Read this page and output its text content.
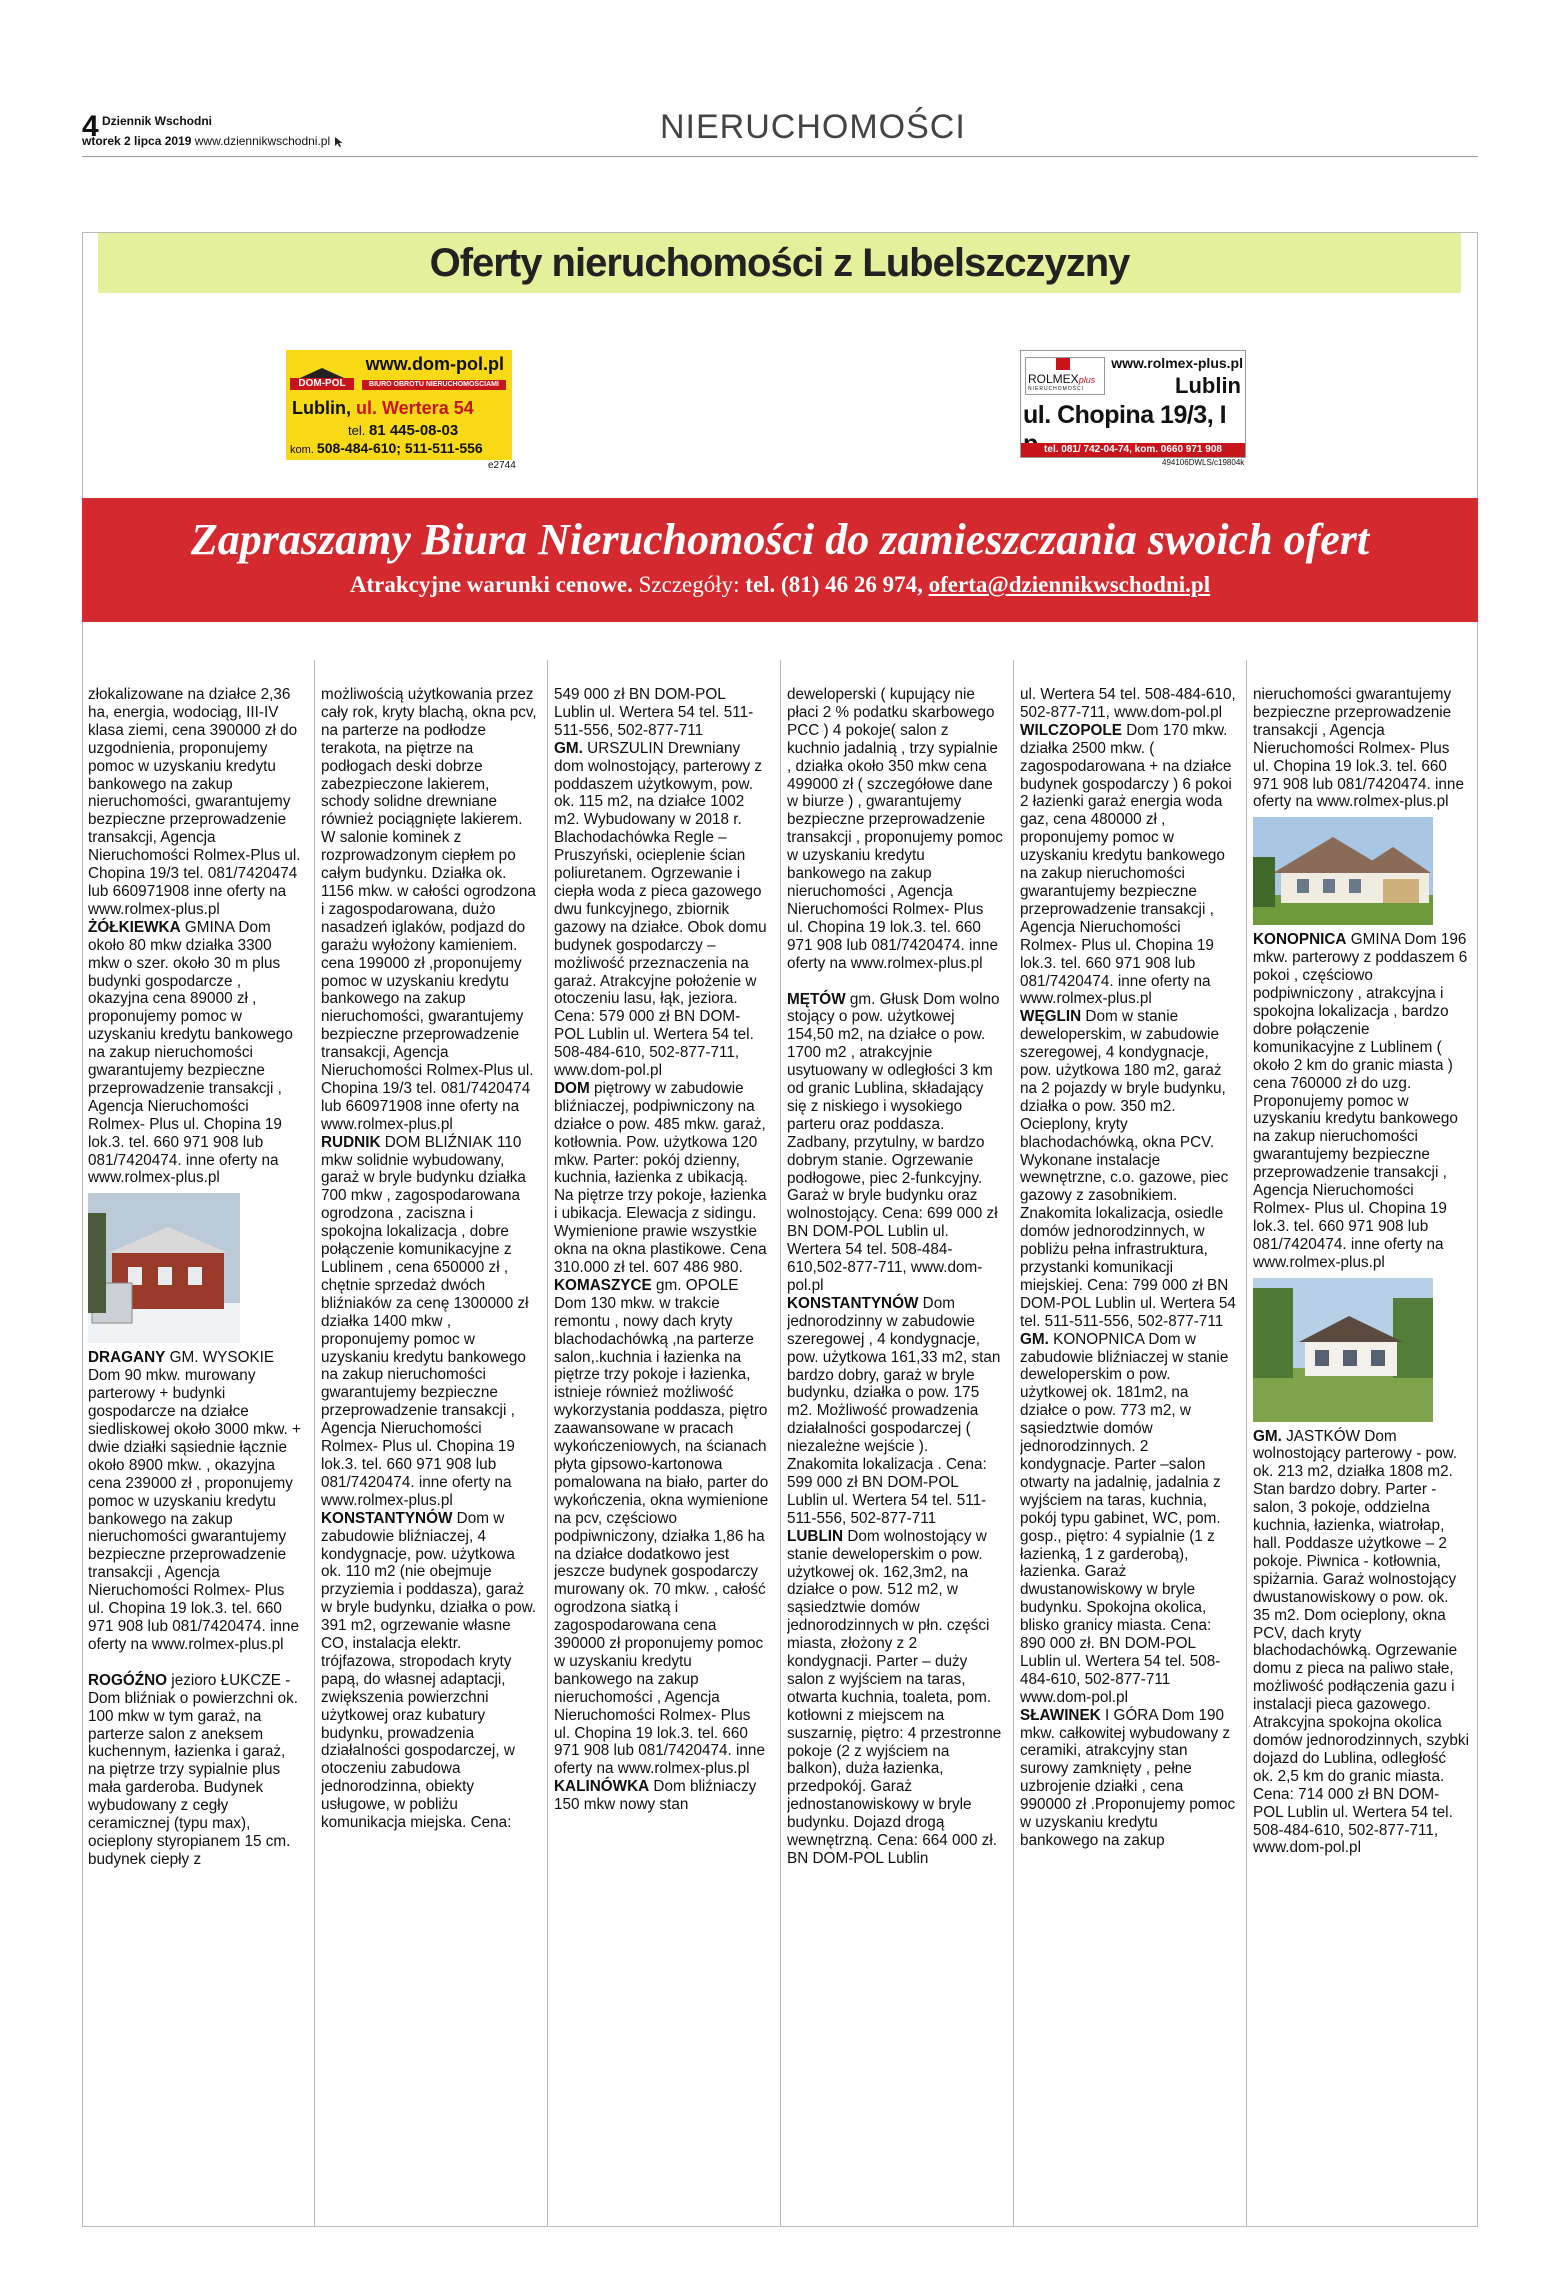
4 Dziennik Wschodni
wtorek 2 lipca 2019 www.dziennikwschodni.pl	NIERUCHOMOŚCI
Oferty nieruchomości z Lubelszczyzny
www.dom-pol.pl
DOM-POL	BIURO OBROTU NIERUCHOMOŚCIAMI
Lublin, ul. Wertera 54
tel. 81 445-08-03
kom. 508-484-610; 511-511-556
e2744
ROLMEXplus
NIERUCHOMOŚCI
www.rolmex-plus.pl
Lublin
ul. Chopina 19/3, I
tel. 081/ 742-04-74, kom. 0660 971 908
494106DWLS/c19804k
Zapraszamy Biura Nieruchomości do zamieszczania swoich ofert
Atrakcyjne warunki cenowe. Szczegóły: tel. (81) 46 26 974, oferta@dziennikwschodni.pl

złokalizowane na działce 2,36 ha, energia, wodociąg, III-IV klasa ziemi, cena 390000 zł do uzgodnienia, proponujemy pomoc w uzyskaniu kredytu bankowego na zakup nieruchomości, gwarantujemy bezpieczne przeprowadzenie transakcji, Agencja Nieruchomości Rolmex-Plus ul. Chopina 19/3 tel. 081/7420474 lub 660971908 inne oferty na www.rolmex-plus.pl

ŻÓŁKIEWKA GMINA Dom około 80 mkw działka 3300 mkw o szer. około 30 m plus budynki gospodarcze , okazyjna cena 89000 zł , proponujemy pomoc w uzyskaniu kredytu bankowego na zakup nieruchomości gwarantujemy bezpieczne przeprowadzenie transakcji , Agencja Nieruchomości Rolmex- Plus ul. Chopina 19 lok.3. tel. 660 971 908 lub 081/7420474. inne oferty na www.rolmex-plus.pl

DRAGANY GM. WYSOKIE Dom 90 mkw. murowany parterowy + budynki gospodarcze na działce siedliskowej około 3000 mkw. + dwie działki sąsiednie łącznie około 8900 mkw. , okazyjna cena 239000 zł , proponujemy pomoc w uzyskaniu kredytu bankowego na zakup nieruchomości gwarantujemy bezpieczne przeprowadzenie transakcji , Agencja Nieruchomości Rolmex- Plus ul. Chopina 19 lok.3. tel. 660 971 908 lub 081/7420474. inne oferty na www.rolmex-plus.pl

ROGÓŹNO jezioro ŁUKCZE - Dom bliźniak o powierzchni ok. 100 mkw w tym garaż, na parterze salon z aneksem kuchennym, łazienka i garaż, na piętrze trzy sypialnie plus mała garderoba. Budynek wybudowany z cegły ceramicznej (typu max), ocieplony styropianem 15 cm. budynek ciepły z

możliwością użytkowania przez cały rok, kryty blachą, okna pcv, na parterze na podłodze terakota, na piętrze na podłogach deski dobrze zabezpieczone lakierem, schody solidne drewniane również pociągnięte lakierem. W salonie kominek z rozprowadzonym ciepłem po całym budynku. Działka ok. 1156 mkw. w całości ogrodzona i zagospodarowana, dużo nasadzeń iglaków, podjazd do garażu wyłożony kamieniem. cena 199000 zł ,proponujemy pomoc w uzyskaniu kredytu bankowego na zakup nieruchomości, gwarantujemy bezpieczne przeprowadzenie transakcji, Agencja Nieruchomości Rolmex-Plus ul. Chopina 19/3 tel. 081/7420474 lub 660971908 inne oferty na www.rolmex-plus.pl

RUDNIK DOM BLIŹNIAK 110 mkw solidnie wybudowany, garaż w bryle budynku działka 700 mkw , zagospodarowana ogrodzona , zaciszna i spokojna lokalizacja , dobre połączenie komunikacyjne z Lublinem , cena 650000 zł , chętnie sprzedaż dwóch bliźniaków za cenę 1300000 zł działka 1400 mkw , proponujemy pomoc w uzyskaniu kredytu bankowego na zakup nieruchomości gwarantujemy bezpieczne przeprowadzenie transakcji , Agencja Nieruchomości Rolmex- Plus ul. Chopina 19 lok.3. tel. 660 971 908 lub 081/7420474. inne oferty na www.rolmex-plus.pl

KONSTANTYNÓW Dom w zabudowie bliźniaczej, 4 kondygnacje, pow. użytkowa ok. 110 m2 (nie obejmuje przyziemia i poddasza), garaż w bryle budynku, działka o pow. 391 m2, ogrzewanie własne CO, instalacja elektr. trójfazowa, stropodach kryty papą, do własnej adaptacji, zwiększenia powierzchni użytkowej oraz kubatury budynku, prowadzenia działalności gospodarczej, w otoczeniu zabudowa jednorodzinna, obiekty usługowe, w pobliżu komunikacja miejska. Cena:

549 000 zł BN DOM-POL Lublin ul. Wertera 54 tel. 511-511-556, 502-877-711

GM. URSZULIN Drewniany dom wolnostojący, parterowy z poddaszem użytkowym, pow. ok. 115 m2, na działce 1002 m2. Wybudowany w 2018 r. Blachodachówka Regle – Pruszyński, ocieplenie ścian poliuretanem. Ogrzewanie i ciepła woda z pieca gazowego dwu funkcyjnego, zbiornik gazowy na działce. Obok domu budynek gospodarczy – możliwość przeznaczenia na garaż. Atrakcyjne położenie w otoczeniu lasu, łąk, jeziora. Cena: 579 000 zł BN DOM-POL Lublin ul. Wertera 54 tel. 508-484-610, 502-877-711, www.dom-pol.pl

DOM piętrowy w zabudowie bliźniaczej, podpiwniczony na działce o pow. 485 mkw. garaż, kotłownia. Pow. użytkowa 120 mkw. Parter: pokój dzienny, kuchnia, łazienka z ubikacją. Na piętrze trzy pokoje, łazienka i ubikacja. Elewacja z sidingu. Wymienione prawie wszystkie okna na okna plastikowe. Cena 310.000 zł tel. 607 486 980.

KOMASZYCE gm. OPOLE Dom 130 mkw. w trakcie remontu , nowy dach kryty blachodachówką ,na parterze salon,.kuchnia i łazienka na piętrze trzy pokoje i łazienka, istnieje również możliwość wykorzystania poddasza, piętro zaawansowane w pracach wykończeniowych, na ścianach płyta gipsowo-kartonowa pomalowana na biało, parter do wykończenia, okna wymienione na pcv, częściowo podpiwniczony, działka 1,86 ha na działce dodatkowo jest jeszcze budynek gospodarczy murowany ok. 70 mkw. , całość ogrodzona siatką i zagospodarowana cena 390000 zł proponujemy pomoc w uzyskaniu kredytu bankowego na zakup nieruchomości , Agencja Nieruchomości Rolmex- Plus ul. Chopina 19 lok.3. tel. 660 971 908 lub 081/7420474. inne oferty na www.rolmex-plus.pl

KALINÓWKA Dom bliźniaczy 150 mkw nowy stan

deweloperski ( kupujący nie płaci 2 % podatku skarbowego PCC ) 4 pokoje( salon z kuchnio jadalnią , trzy sypialnie , działka około 350 mkw cena 499000 zł ( szczegółowe dane w biurze ) , gwarantujemy bezpieczne przeprowadzenie transakcji , proponujemy pomoc w uzyskaniu kredytu bankowego na zakup nieruchomości , Agencja Nieruchomości Rolmex- Plus ul. Chopina 19 lok.3. tel. 660 971 908 lub 081/7420474. inne oferty na www.rolmex-plus.pl

MĘTÓW gm. Głusk Dom wolno stojący o pow. użytkowej 154,50 m2, na działce o pow. 1700 m2 , atrakcyjnie usytuowany w odległości 3 km od granic Lublina, składający się z niskiego i wysokiego parteru oraz poddasza. Zadbany, przytulny, w bardzo dobrym stanie. Ogrzewanie podłogowe, piec 2-funkcyjny. Garaż w bryle budynku oraz wolnostojący. Cena: 699 000 zł BN DOM-POL Lublin ul. Wertera 54 tel. 508-484-610,502-877-711, www.dom-pol.pl

KONSTANTYNÓW Dom jednorodzinny w zabudowie szeregowej , 4 kondygnacje, pow. użytkowa 161,33 m2, stan bardzo dobry, garaż w bryle budynku, działka o pow. 175 m2. Możliwość prowadzenia działalności gospodarczej ( niezależne wejście ). Znakomita lokalizacja . Cena: 599 000 zł BN DOM-POL Lublin ul. Wertera 54 tel. 511-511-556, 502-877-711

LUBLIN Dom wolnostojący w stanie deweloperskim o pow. użytkowej ok. 162,3m2, na działce o pow. 512 m2, w sąsiedztwie domów jednorodzinnych w płn. części miasta, złożony z 2 kondygnacji. Parter – duży salon z wyjściem na taras, otwarta kuchnia, toaleta, pom. kotłowni z miejscem na suszarnię, piętro: 4 przestronne pokoje (2 z wyjściem na balkon), duża łazienka, przedpokój. Garaż jednostanowiskowy w bryle budynku. Dojazd drogą wewnętrzną. Cena: 664 000 zł. BN DOM-POL Lublin

ul. Wertera 54 tel. 508-484-610, 502-877-711, www.dom-pol.pl

WILCZOPOLE Dom 170 mkw. działka 2500 mkw. ( zagospodarowana + na działce budynek gospodarczy ) 6 pokoi 2 łazienki garaż energia woda gaz, cena 480000 zł , proponujemy pomoc w uzyskaniu kredytu bankowego na zakup nieruchomości gwarantujemy bezpieczne przeprowadzenie transakcji , Agencja Nieruchomości Rolmex- Plus ul. Chopina 19 lok.3. tel. 660 971 908 lub 081/7420474. inne oferty na www.rolmex-plus.pl

WĘGLIN Dom w stanie deweloperskim, w zabudowie szeregowej, 4 kondygnacje, pow. użytkowa 180 m2, garaż na 2 pojazdy w bryle budynku, działka o pow. 350 m2. Ocieplony, kryty blachodachówką, okna PCV. Wykonane instalacje wewnętrzne, c.o. gazowe, piec gazowy z zasobnikiem. Znakomita lokalizacja, osiedle domów jednorodzinnych, w pobliżu pełna infrastruktura, przystanki komunikacji miejskiej. Cena: 799 000 zł BN DOM-POL Lublin ul. Wertera 54 tel. 511-511-556, 502-877-711

GM. KONOPNICA Dom w zabudowie bliźniaczej w stanie deweloperskim o pow. użytkowej ok. 181m2, na działce o pow. 773 m2, w sąsiedztwie domów jednorodzinnych. 2 kondygnacje. Parter –salon otwarty na jadalnię, jadalnia z wyjściem na taras, kuchnia, pokój typu gabinet, WC, pom. gosp., piętro: 4 sypialnie (1 z łazienką, 1 z garderobą), łazienka. Garaż dwustanowiskowy w bryle budynku. Spokojna okolica, blisko granicy miasta. Cena: 890 000 zł. BN DOM-POL Lublin ul. Wertera 54 tel. 508-484-610, 502-877-711 www.dom-pol.pl

SŁAWINEK I GÓRA Dom 190 mkw. całkowitej wybudowany z ceramiki, atrakcyjny stan surowy zamknięty , pełne uzbrojenie działki , cena 990000 zł .Proponujemy pomoc w uzyskaniu kredytu bankowego na zakup

nieruchomości gwarantujemy bezpieczne przeprowadzenie transakcji , Agencja Nieruchomości Rolmex- Plus ul. Chopina 19 lok.3. tel. 660 971 908 lub 081/7420474. inne oferty na www.rolmex-plus.pl

KONOPNICA GMINA Dom 196 mkw. parterowy z poddaszem 6 pokoi , częściowo podpiwniczony , atrakcyjna i spokojna lokalizacja , bardzo dobre połączenie komunikacyjne z Lublinem ( około 2 km do granic miasta ) cena 760000 zł do uzg. Proponujemy pomoc w uzyskaniu kredytu bankowego na zakup nieruchomości gwarantujemy bezpieczne przeprowadzenie transakcji , Agencja Nieruchomości Rolmex- Plus ul. Chopina 19 lok.3. tel. 660 971 908 lub 081/7420474. inne oferty na www.rolmex-plus.pl

GM. JASTKÓW Dom wolnostojący parterowy - pow. ok. 213 m2, działka 1808 m2. Stan bardzo dobry. Parter - salon, 3 pokoje, oddzielna kuchnia, łazienka, wiatrołap, hall. Poddasze użytkowe – 2 pokoje. Piwnica - kotłownia, spiżarnia. Garaż wolnostojący dwustanowiskowy o pow. ok. 35 m2. Dom ocieplony, okna PCV, dach kryty blachodachówką. Ogrzewanie domu z pieca na paliwo stałe, możliwość podłączenia gazu i instalacji pieca gazowego. Atrakcyjna spokojna okolica domów jednorodzinnych, szybki dojazd do Lublina, odległość ok. 2,5 km do granic miasta. Cena: 714 000 zł BN DOM-POL Lublin ul. Wertera 54 tel. 508-484-610, 502-877-711, www.dom-pol.pl
